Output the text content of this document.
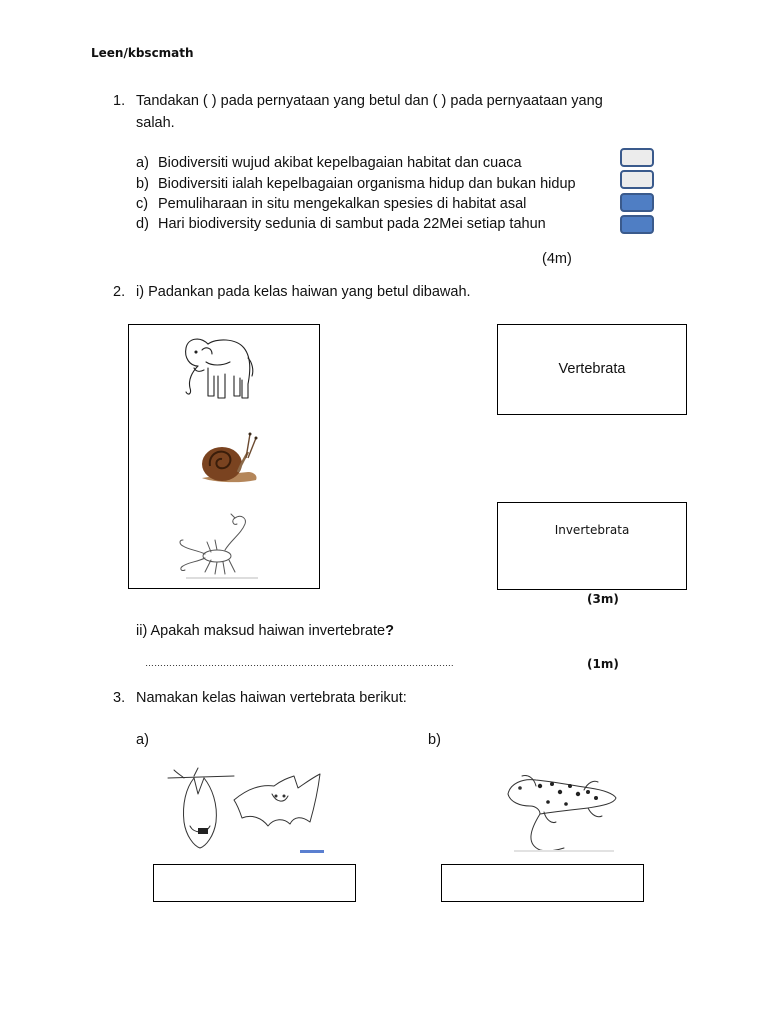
Leen/kbscmath
1. Tandakan ( ) pada pernyataan yang betul dan ( ) pada pernyaataan yang
salah.
a) Biodiversiti wujud akibat kepelbagaian habitat dan cuaca
b) Biodiversiti ialah kepelbagaian organisma hidup dan bukan hidup
c) Pemuliharaan in situ mengekalkan spesies di habitat asal
d) Hari biodiversity sedunia di sambut pada 22Mei setiap tahun
(4m)
2. i) Padankan pada kelas haiwan yang betul dibawah.
Vertebrata
Invertebrata
(3m)
ii) Apakah maksud haiwan invertebrate?
………………………………………………………………………………………….	(1m)
3. Namakan kelas haiwan vertebrata berikut:
a)	b)
